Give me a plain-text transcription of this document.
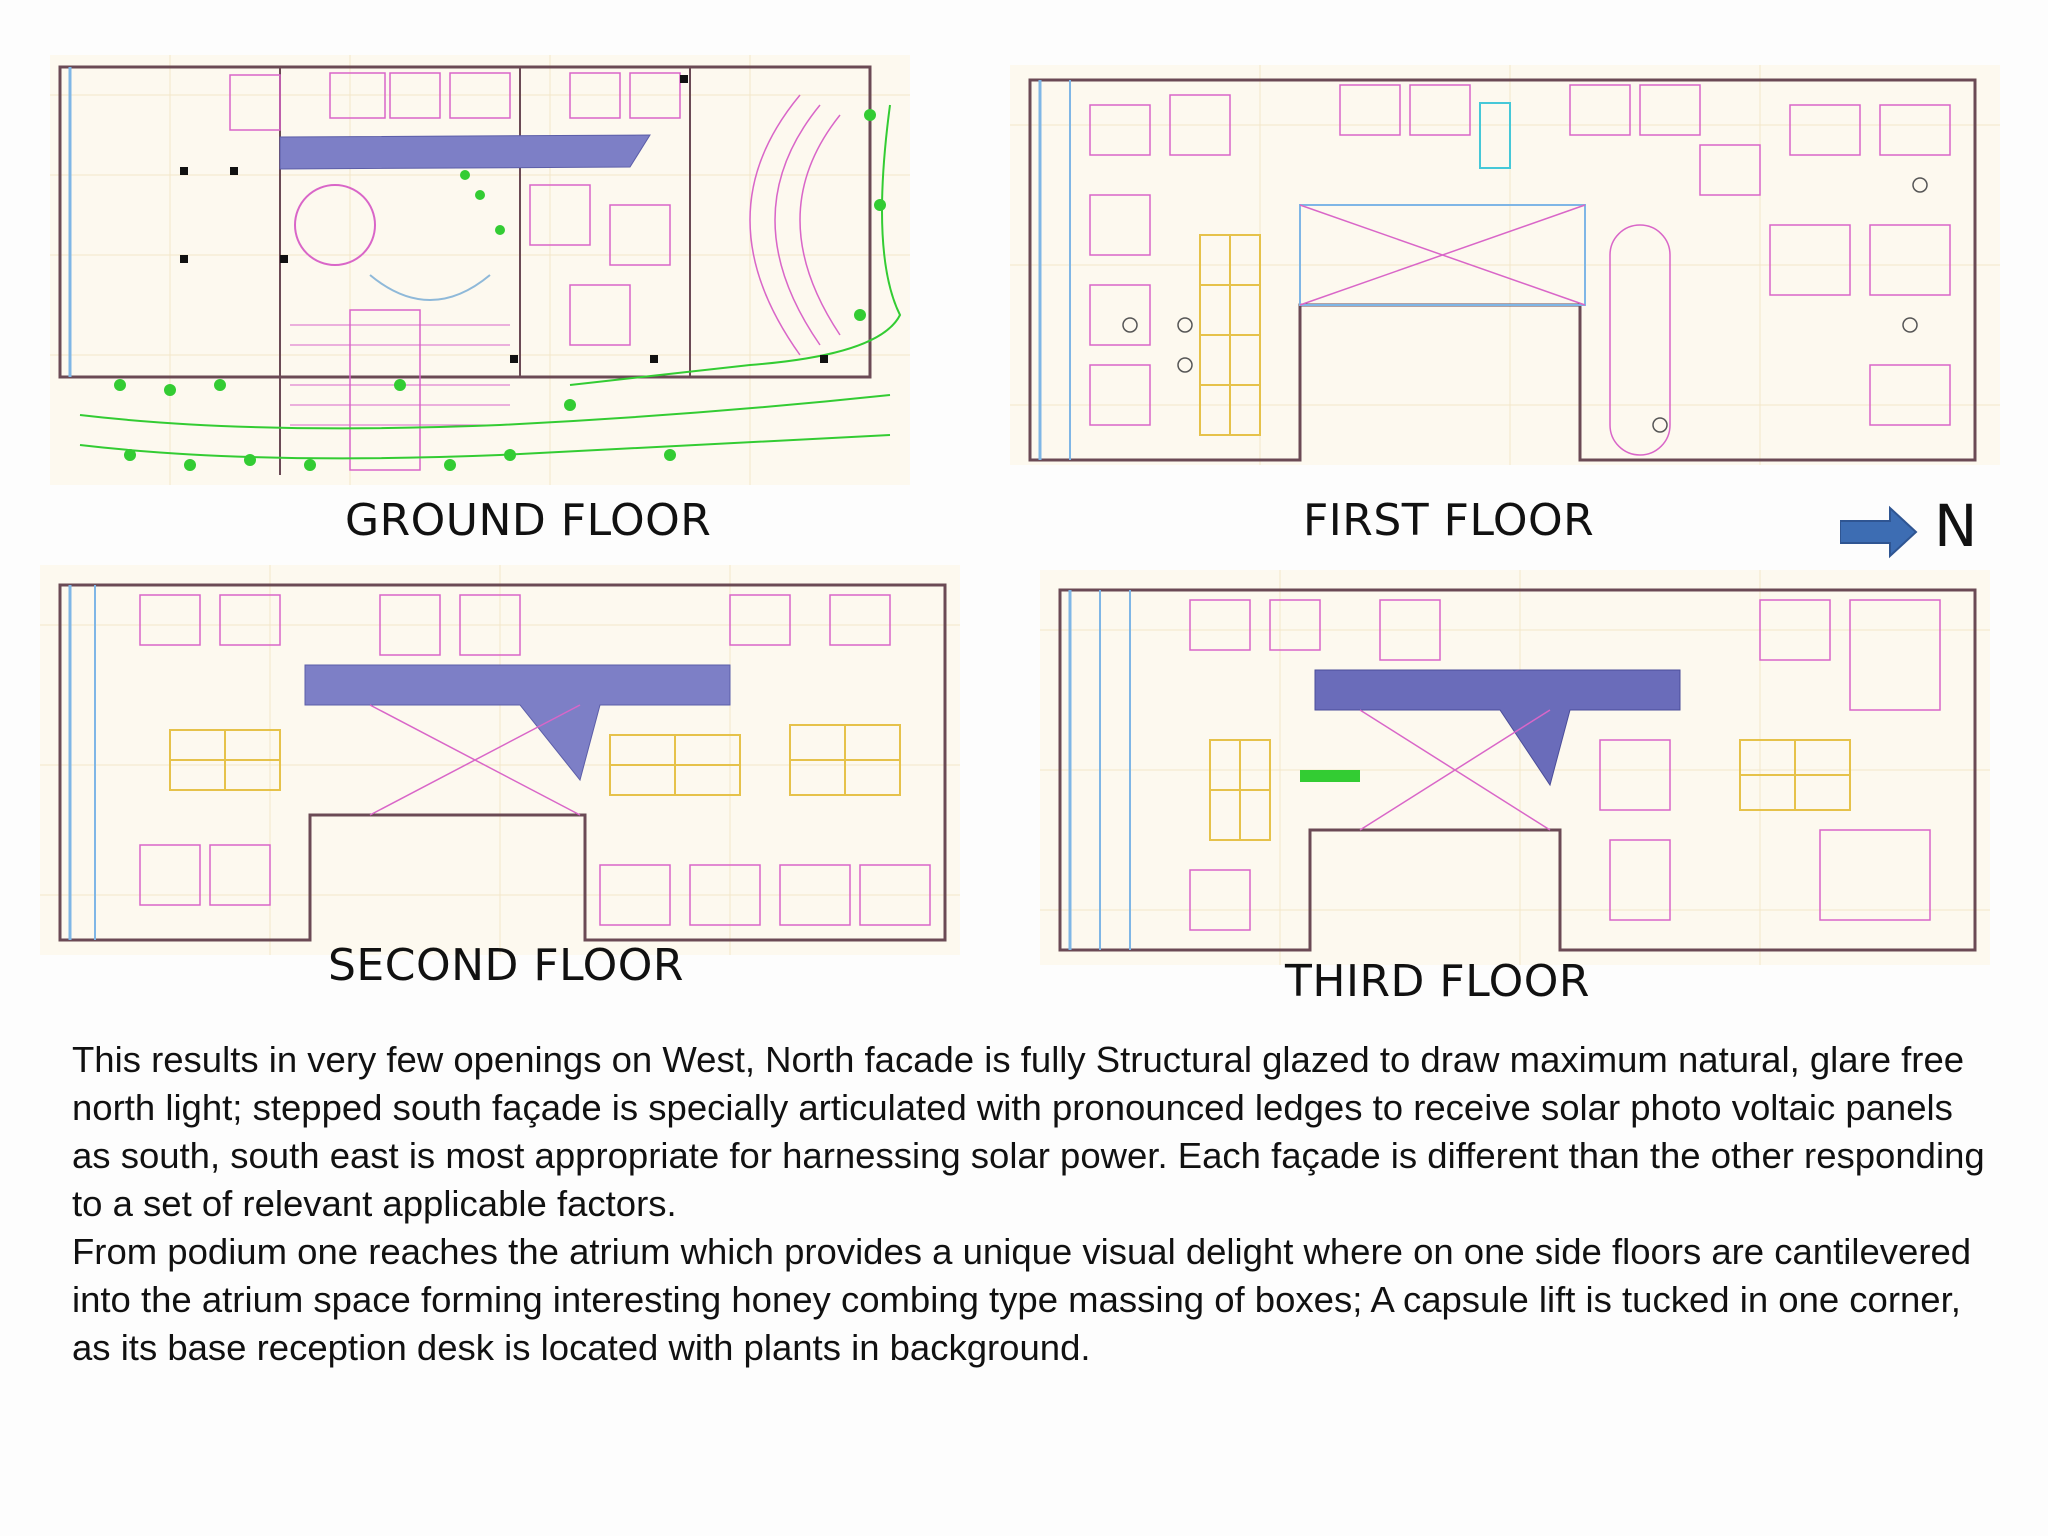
GROUND FLOOR	FIRST FLOOR
SECOND FLOOR	THIRD FLOOR
N

This results in very few openings on West, North facade is fully Structural glazed to draw maximum natural, glare free north light; stepped south façade is specially articulated with pronounced ledges to receive solar photo voltaic panels as south, south east is most appropriate for harnessing solar power. Each façade is different than the other responding to a set of relevant applicable factors.

From podium one reaches the atrium which provides a unique visual delight where on one side floors are cantilevered into the atrium space forming interesting honey combing type massing of boxes; A capsule lift is tucked in one corner, as its base reception desk is located with plants in background.
